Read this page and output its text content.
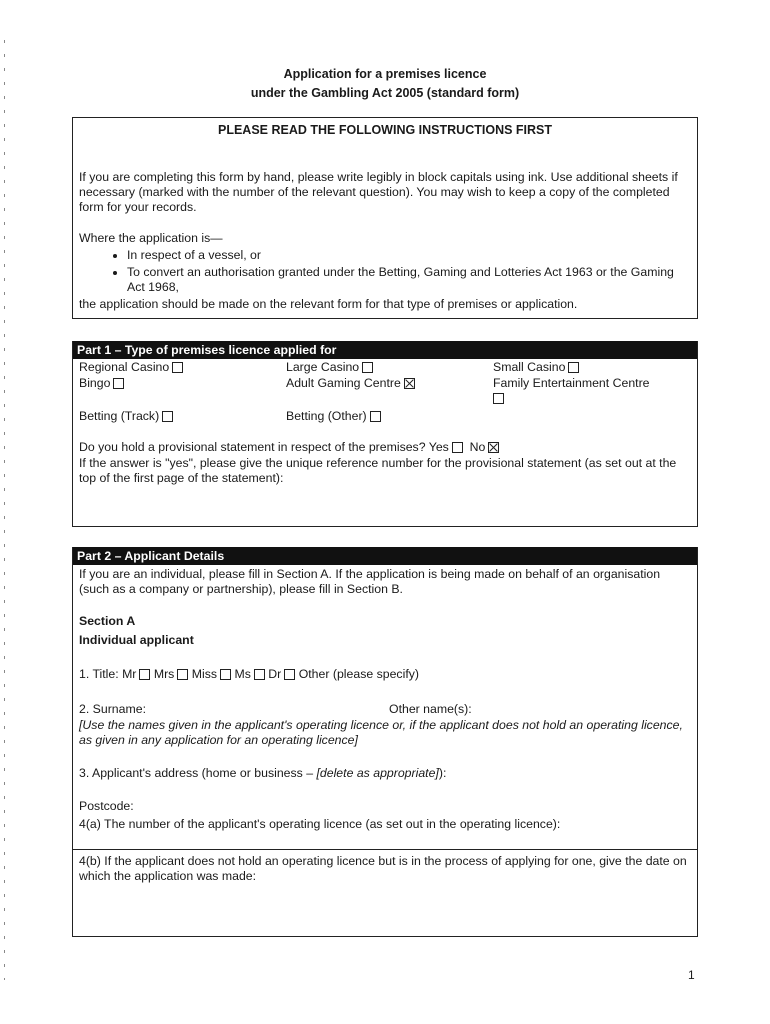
Application for a premises licence
under the Gambling Act 2005 (standard form)
PLEASE READ THE FOLLOWING INSTRUCTIONS FIRST

If you are completing this form by hand, please write legibly in block capitals using ink. Use additional sheets if necessary (marked with the number of the relevant question). You may wish to keep a copy of the completed form for your records.

Where the application is—

• In respect of a vessel, or
• To convert an authorisation granted under the Betting, Gaming and Lotteries Act 1963 or the Gaming Act 1968,

the application should be made on the relevant form for that type of premises or application.

Part 1 – Type of premises licence applied for
Regional Casino	Large Casino	Small Casino
Bingo	Adult Gaming Centre	Family Entertainment Centre

Betting (Track)	Betting (Other)

Do you hold a provisional statement in respect of the premises? Yes No

If the answer is "yes", please give the unique reference number for the provisional statement (as set out at the top of the first page of the statement):

Part 2 – Applicant Details

If you are an individual, please fill in Section A. If the application is being made on behalf of an organisation (such as a company or partnership), please fill in Section B.

Section A

Individual applicant

1. Title: Mr Mrs Miss Ms Dr Other (please specify)

2. Surname:	Other name(s):

[Use the names given in the applicant's operating licence or, if the applicant does not hold an operating licence, as given in any application for an operating licence]

3. Applicant's address (home or business – [delete as appropriate]):

Postcode:

4(a) The number of the applicant's operating licence (as set out in the operating licence):

4(b) If the applicant does not hold an operating licence but is in the process of applying for one, give the date on which the application was made:

1
